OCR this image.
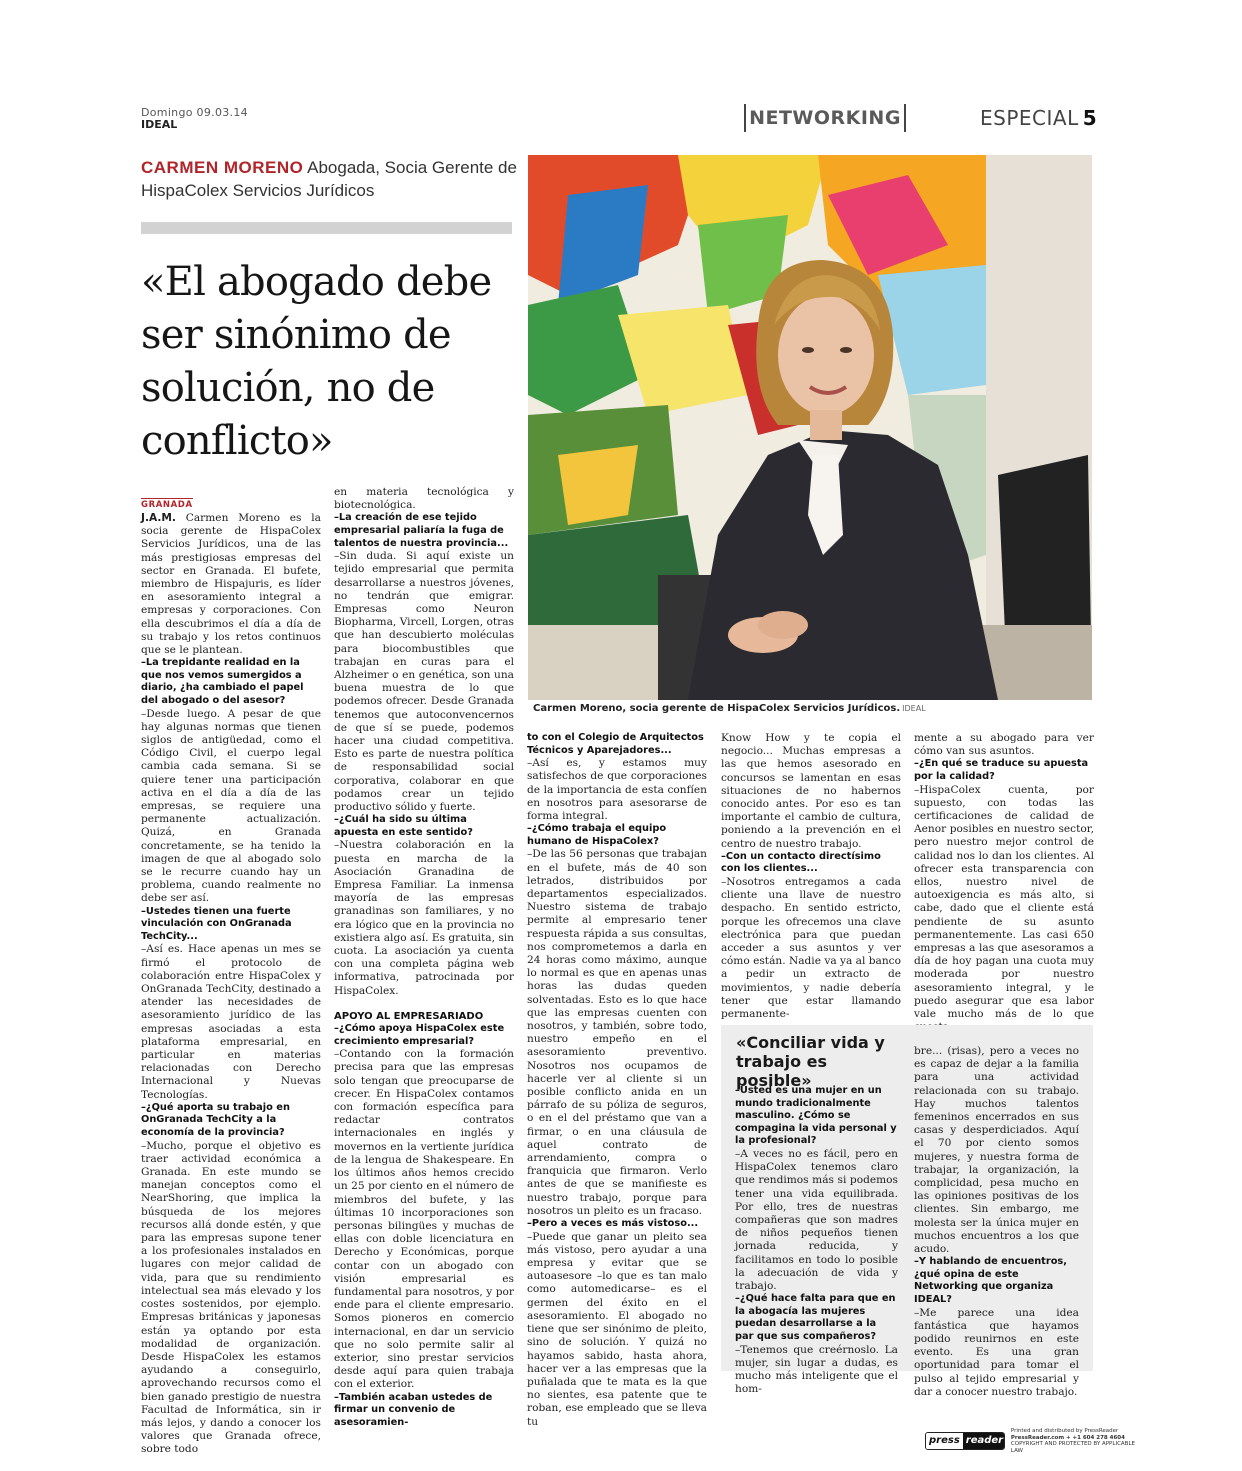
Domingo 09.03.14
IDEAL	NETWORKING	ESPECIAL 5
CARMEN MORENO Abogada, Socia Gerente de HispaColex Servicios Jurídicos
«El abogado debe ser sinónimo de solución, no de conflicto»
Carmen Moreno, socia gerente de HispaColex Servicios Jurídicos. IDEAL
GRANADA

J.A.M. Carmen Moreno es la socia gerente de HispaColex Servicios Jurídicos, una de las más prestigiosas empresas del sector en Granada. El bufete, miembro de Hispajuris, es líder en asesoramiento integral a empresas y corporaciones. Con ella descubrimos el día a día de su trabajo y los retos continuos que se le plantean.

–La trepidante realidad en la que nos vemos sumergidos a diario, ¿ha cambiado el papel del abogado o del asesor?

–Desde luego. A pesar de que hay algunas normas que tienen siglos de antigüedad, como el Código Civil, el cuerpo legal cambia cada semana. Si se quiere tener una participación activa en el día a día de las empresas, se requiere una permanente actualización. Quizá, en Granada concretamente, se ha tenido la imagen de que al abogado solo se le recurre cuando hay un problema, cuando realmente no debe ser así.

–Ustedes tienen una fuerte vinculación con OnGranada TechCity...

–Así es. Hace apenas un mes se firmó el protocolo de colaboración entre HispaColex y OnGranada TechCity, destinado a atender las necesidades de asesoramiento jurídico de las empresas asociadas a esta plataforma empresarial, en particular en materias relacionadas con Derecho Internacional y Nuevas Tecnologías.

–¿Qué aporta su trabajo en OnGranada TechCity a la economía de la provincia?

–Mucho, porque el objetivo es traer actividad económica a Granada. En este mundo se manejan conceptos como el NearShoring, que implica la búsqueda de los mejores recursos allá donde estén, y que para las empresas supone tener a los profesionales instalados en lugares con mejor calidad de vida, para que su rendimiento intelectual sea más elevado y los costes sostenidos, por ejemplo. Empresas británicas y japonesas están ya optando por esta modalidad de organización. Desde HispaColex les estamos ayudando a conseguirlo, aprovechando recursos como el bien ganado prestigio de nuestra Facultad de Informática, sin ir más lejos, y dando a conocer los valores que Granada ofrece, sobre todo

en materia tecnológica y biotecnológica.

–La creación de ese tejido empresarial paliaría la fuga de talentos de nuestra provincia...

–Sin duda. Si aquí existe un tejido empresarial que permita desarrollarse a nuestros jóvenes, no tendrán que emigrar. Empresas como Neuron Biopharma, Vircell, Lorgen, otras que han descubierto moléculas para biocombustibles que trabajan en curas para el Alzheimer o en genética, son una buena muestra de lo que podemos ofrecer. Desde Granada tenemos que autoconvencernos de que sí se puede, podemos hacer una ciudad competitiva. Esto es parte de nuestra política de responsabilidad social corporativa, colaborar en que podamos crear un tejido productivo sólido y fuerte.

–¿Cuál ha sido su última apuesta en este sentido?

–Nuestra colaboración en la puesta en marcha de la Asociación Granadina de Empresa Familiar. La inmensa mayoría de las empresas granadinas son familiares, y no era lógico que en la provincia no existiera algo así. Es gratuita, sin cuota. La asociación ya cuenta con una completa página web informativa, patrocinada por HispaColex.

APOYO AL EMPRESARIADO

–¿Cómo apoya HispaColex este crecimiento empresarial?

–Contando con la formación precisa para que las empresas solo tengan que preocuparse de crecer. En HispaColex contamos con formación específica para redactar contratos internacionales en inglés y movernos en la vertiente jurídica de la lengua de Shakespeare. En los últimos años hemos crecido un 25 por ciento en el número de miembros del bufete, y las últimas 10 incorporaciones son personas bilingües y muchas de ellas con doble licenciatura en Derecho y Económicas, porque contar con un abogado con visión empresarial es fundamental para nosotros, y por ende para el cliente empresario. Somos pioneros en comercio internacional, en dar un servicio que no solo permite salir al exterior, sino prestar servicios desde aquí para quien trabaja con el exterior.

–También acaban ustedes de firmar un convenio de asesoramien-

to con el Colegio de Arquitectos Técnicos y Aparejadores...

–Así es, y estamos muy satisfechos de que corporaciones de la importancia de esta confíen en nosotros para asesorarse de forma integral.

–¿Cómo trabaja el equipo humano de HispaColex?

–De las 56 personas que trabajan en el bufete, más de 40 son letrados, distribuidos por departamentos especializados. Nuestro sistema de trabajo permite al empresario tener respuesta rápida a sus consultas, nos comprometemos a darla en 24 horas como máximo, aunque lo normal es que en apenas unas horas las dudas queden solventadas. Esto es lo que hace que las empresas cuenten con nosotros, y también, sobre todo, nuestro empeño en el asesoramiento preventivo. Nosotros nos ocupamos de hacerle ver al cliente si un posible conflicto anida en un párrafo de su póliza de seguros, o en el del préstamo que van a firmar, o en una cláusula de aquel contrato de arrendamiento, compra o franquicia que firmaron. Verlo antes de que se manifieste es nuestro trabajo, porque para nosotros un pleito es un fracaso.

–Pero a veces es más vistoso...

–Puede que ganar un pleito sea más vistoso, pero ayudar a una empresa y evitar que se autoasesore –lo que es tan malo como automedicarse– es el germen del éxito en el asesoramiento. El abogado no tiene que ser sinónimo de pleito, sino de solución. Y quizá no hayamos sabido, hasta ahora, hacer ver a las empresas que la puñalada que te mata es la que no sientes, esa patente que te roban, ese empleado que se lleva tu

Know How y te copia el negocio... Muchas empresas a las que hemos asesorado en concursos se lamentan en esas situaciones de no habernos conocido antes. Por eso es tan importante el cambio de cultura, poniendo a la prevención en el centro de nuestro trabajo.

–Con un contacto directísimo con los clientes...

–Nosotros entregamos a cada cliente una llave de nuestro despacho. En sentido estricto, porque les ofrecemos una clave electrónica para que puedan acceder a sus asuntos y ver cómo están. Nadie va ya al banco a pedir un extracto de movimientos, y nadie debería tener que estar llamando permanente-

mente a su abogado para ver cómo van sus asuntos.

–¿En qué se traduce su apuesta por la calidad?

–HispaColex cuenta, por supuesto, con todas las certificaciones de calidad de Aenor posibles en nuestro sector, pero nuestro mejor control de calidad nos lo dan los clientes. Al ofrecer esta transparencia con ellos, nuestro nivel de autoexigencia es más alto, si cabe, dado que el cliente está pendiente de su asunto permanentemente. Las casi 650 empresas a las que asesoramos a día de hoy pagan una cuota muy moderada por nuestro asesoramiento integral, y le puedo asegurar que esa labor vale mucho más de lo que

«Conciliar vida y trabajo es posible»

–Usted es una mujer en un mundo tradicionalmente masculino. ¿Cómo se compagina la vida personal y la profesional?

–A veces no es fácil, pero en HispaColex tenemos claro que rendimos más si podemos tener una vida equilibrada. Por ello, tres de nuestras compañeras que son madres de niños pequeños tienen jornada reducida, y facilitamos en todo lo posible la adecuación de vida y trabajo.

–¿Qué hace falta para que en la abogacía las mujeres puedan desarrollarse a la par que sus compañeros?

–Tenemos que creérnoslo. La mujer, sin lugar a dudas, es mucho más inteligente que el hom-

bre... (risas), pero a veces no es capaz de dejar a la familia para una actividad relacionada con su trabajo. Hay muchos talentos femeninos encerrados en sus casas y desperdiciados. Aquí el 70 por ciento somos mujeres, y nuestra forma de trabajar, la organización, la complicidad, pesa mucho en las opiniones positivas de los clientes. Sin embargo, me molesta ser la única mujer en muchos encuentros a los que acudo.

–Y hablando de encuentros, ¿qué opina de este Networking que organiza IDEAL?

–Me parece una idea fantástica que hayamos podido reunirnos en este evento. Es una gran oportunidad para tomar el pulso al tejido empresarial y dar a conocer nuestro trabajo.

press reader
Printed and distributed by PressReader
PressReader.com + +1 604 278 4604
COPYRIGHT AND PROTECTED BY APPLICABLE LAW
